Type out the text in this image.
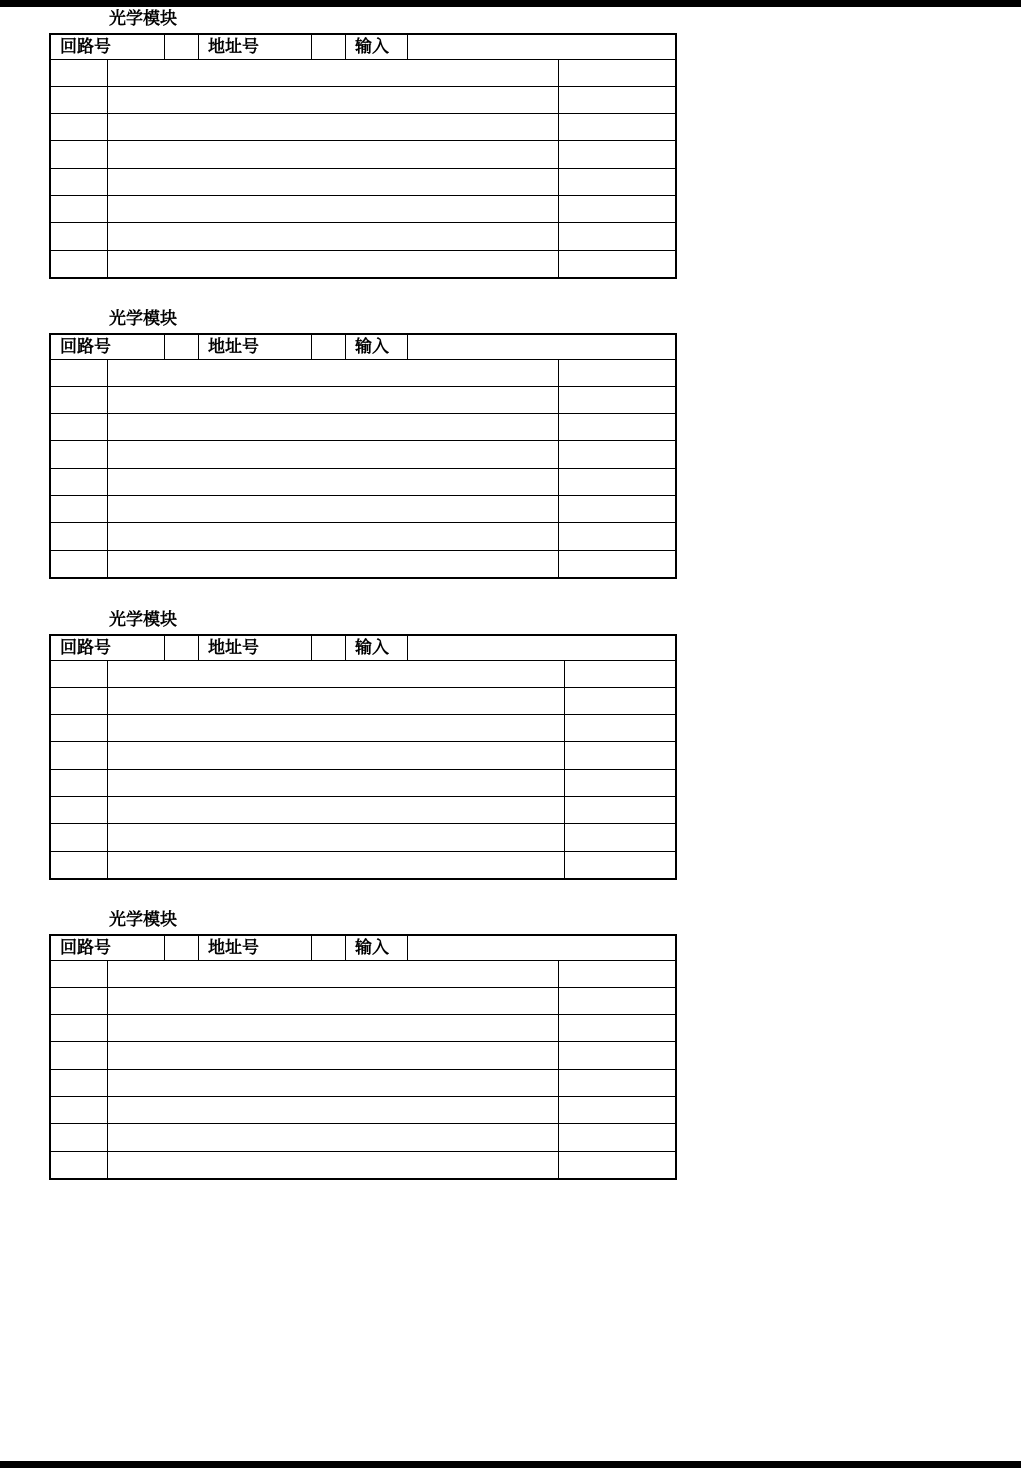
光学模块
回路号	地址号	输入
光学模块
回路号	地址号	输入
光学模块
回路号	地址号	输入
光学模块
回路号	地址号	输入
